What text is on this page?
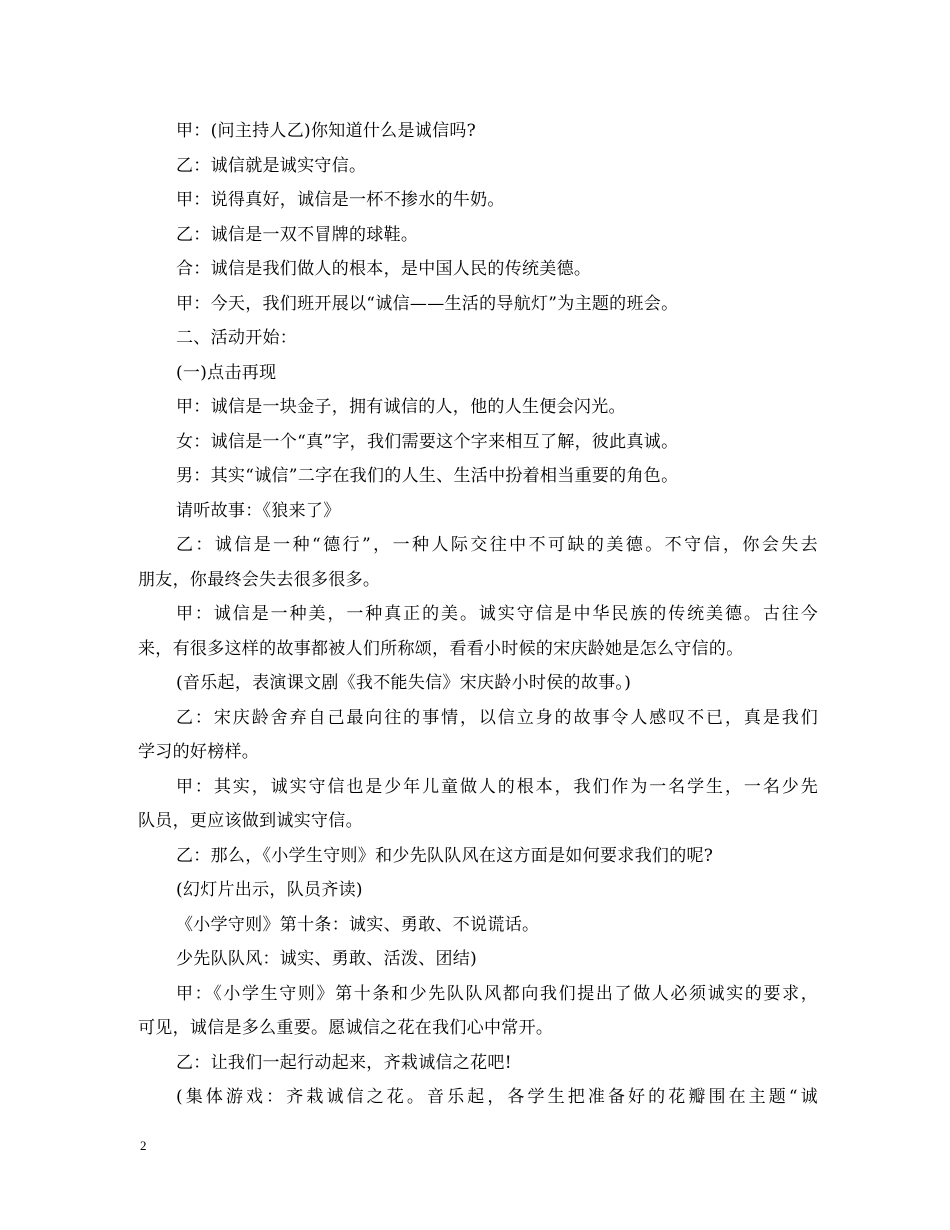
甲：(问主持人乙)你知道什么是诚信吗?
乙：诚信就是诚实守信。
甲：说得真好，诚信是一杯不掺水的牛奶。
乙：诚信是一双不冒牌的球鞋。
合：诚信是我们做人的根本，是中国人民的传统美德。
甲：今天，我们班开展以“诚信——生活的导航灯”为主题的班会。
二、活动开始：
(一)点击再现
甲：诚信是一块金子，拥有诚信的人，他的人生便会闪光。
女：诚信是一个“真”字，我们需要这个字来相互了解，彼此真诚。
男：其实“诚信”二字在我们的人生、生活中扮着相当重要的角色。
请听故事：《狼来了》
乙：诚信是一种“德行”，一种人际交往中不可缺的美德。不守信，你会失去
朋友，你最终会失去很多很多。
甲：诚信是一种美，一种真正的美。诚实守信是中华民族的传统美德。古往今
来，有很多这样的故事都被人们所称颂，看看小时候的宋庆龄她是怎么守信的。
(音乐起，表演课文剧《我不能失信》宋庆龄小时侯的故事。)
乙：宋庆龄舍弃自己最向往的事情，以信立身的故事令人感叹不已，真是我们
学习的好榜样。
甲：其实，诚实守信也是少年儿童做人的根本，我们作为一名学生，一名少先
队员，更应该做到诚实守信。
乙：那么，《小学生守则》和少先队队风在这方面是如何要求我们的呢?
(幻灯片出示，队员齐读)
《小学守则》第十条：诚实、勇敢、不说谎话。
少先队队风：诚实、勇敢、活泼、团结)
甲：《小学生守则》第十条和少先队队风都向我们提出了做人必须诚实的要求，
可见，诚信是多么重要。愿诚信之花在我们心中常开。
乙：让我们一起行动起来，齐栽诚信之花吧!
(集体游戏：齐栽诚信之花。音乐起，各学生把准备好的花瓣围在主题“诚
2
